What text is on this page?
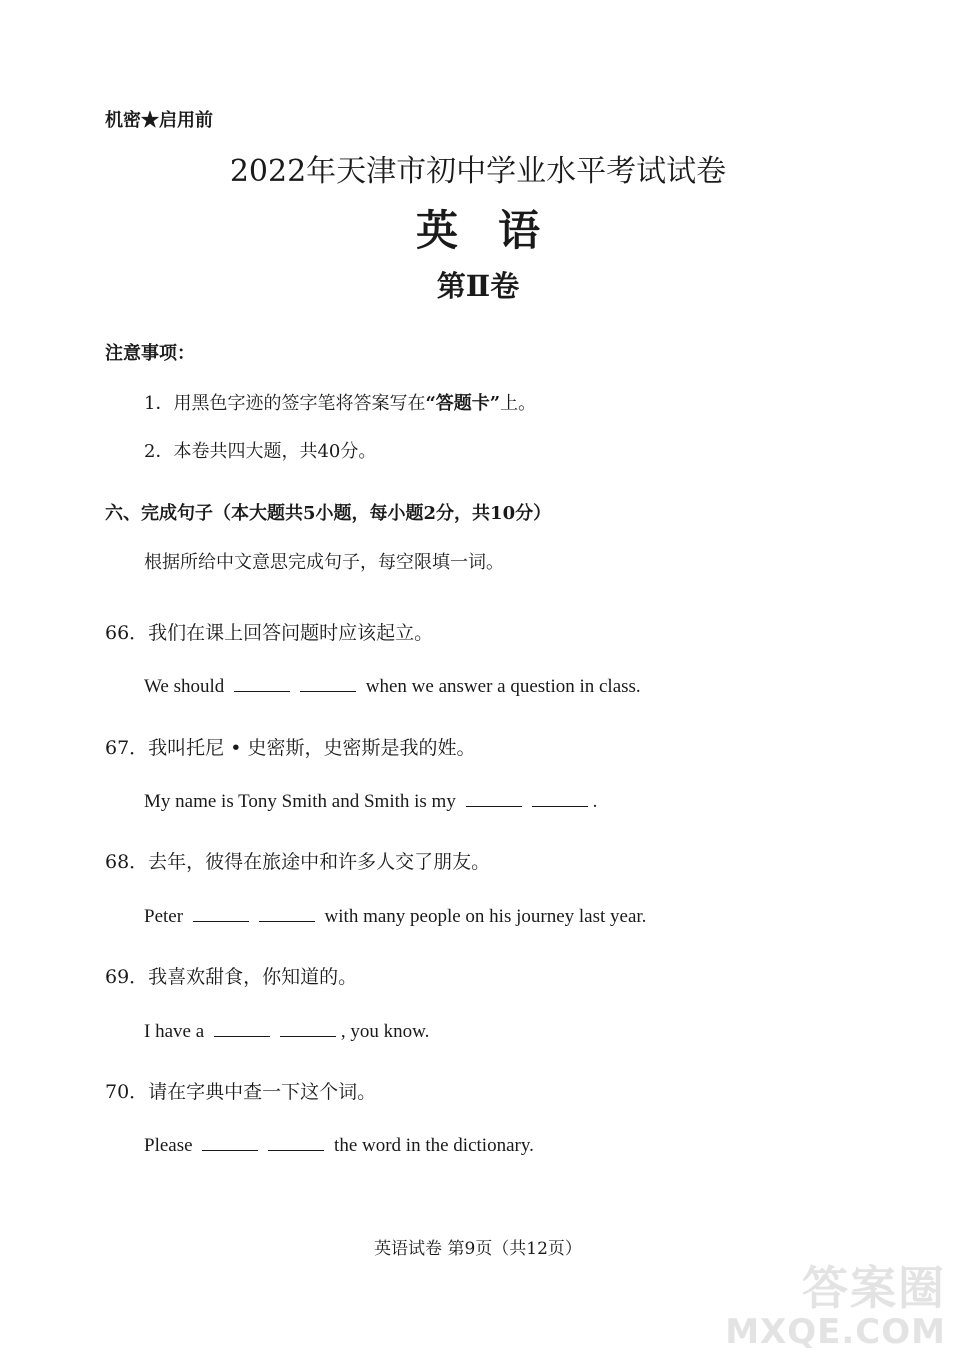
机密★启用前
2022年天津市初中学业水平考试试卷
英语
第Ⅱ卷
注意事项：
1．用黑色字迹的签字笔将答案写在“答题卡”上。
2．本卷共四大题，共40分。
六、完成句子（本大题共5小题，每小题2分，共10分）
根据所给中文意思完成句子，每空限填一词。
66．我们在课上回答问题时应该起立。
We should	when we answer a question in class.
67．我叫托尼 • 史密斯，史密斯是我的姓。
My name is Tony Smith and Smith is my	.
68．去年，彼得在旅途中和许多人交了朋友。
Peter	with many people on his journey last year.
69．我喜欢甜食，你知道的。
I have a	, you know.
70．请在字典中查一下这个词。
Please	the word in the dictionary.
英语试卷 第9页（共12页）
答案圈
MXQE.COM
